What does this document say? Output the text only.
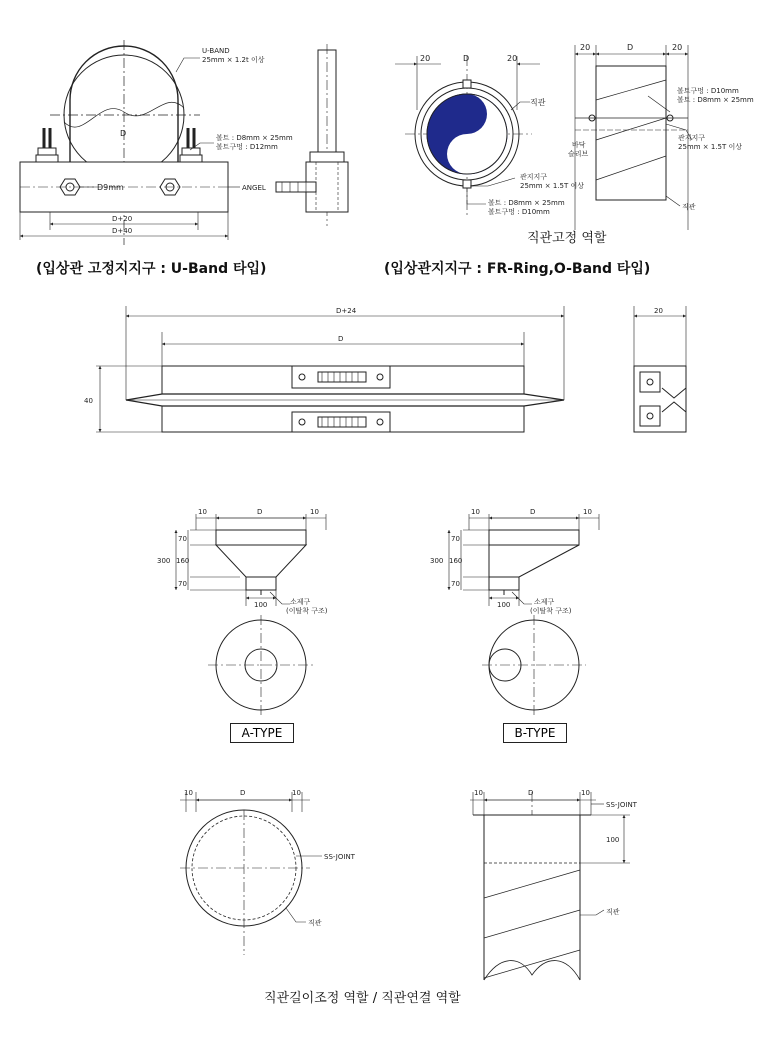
U-BAND
25mm × 1.2t 이상
D	볼트 : D8mm × 25mm
볼트구멍 : D12mm
D9mm	ANGEL
D+20
D+40
20	D	20
직관
관지지구
25mm × 1.5T 이상
볼트 : D8mm × 25mm
볼트구멍 : D10mm
20	D	20
볼트구멍 : D10mm
볼트 : D8mm × 25mm
바닥
슬리브
관지지구
25mm × 1.5T 이상
직관
D+24
D
40
20
10	D	10
300 160
70
70
100	소제구
(이탈착 구조)
10	D	10
300 160
70
70
100	소제구
(이탈착 구조)
10	D	10
SS-JOINT
직관
10	D	10
SS-JOINT
100
직관
직관고정 역할
(입상관 고정지지구 : U-Band 타입)	(입상관지지구 : FR-Ring,O-Band 타입)
A-TYPE	B-TYPE
직관길이조정 역할 / 직관연결 역할
